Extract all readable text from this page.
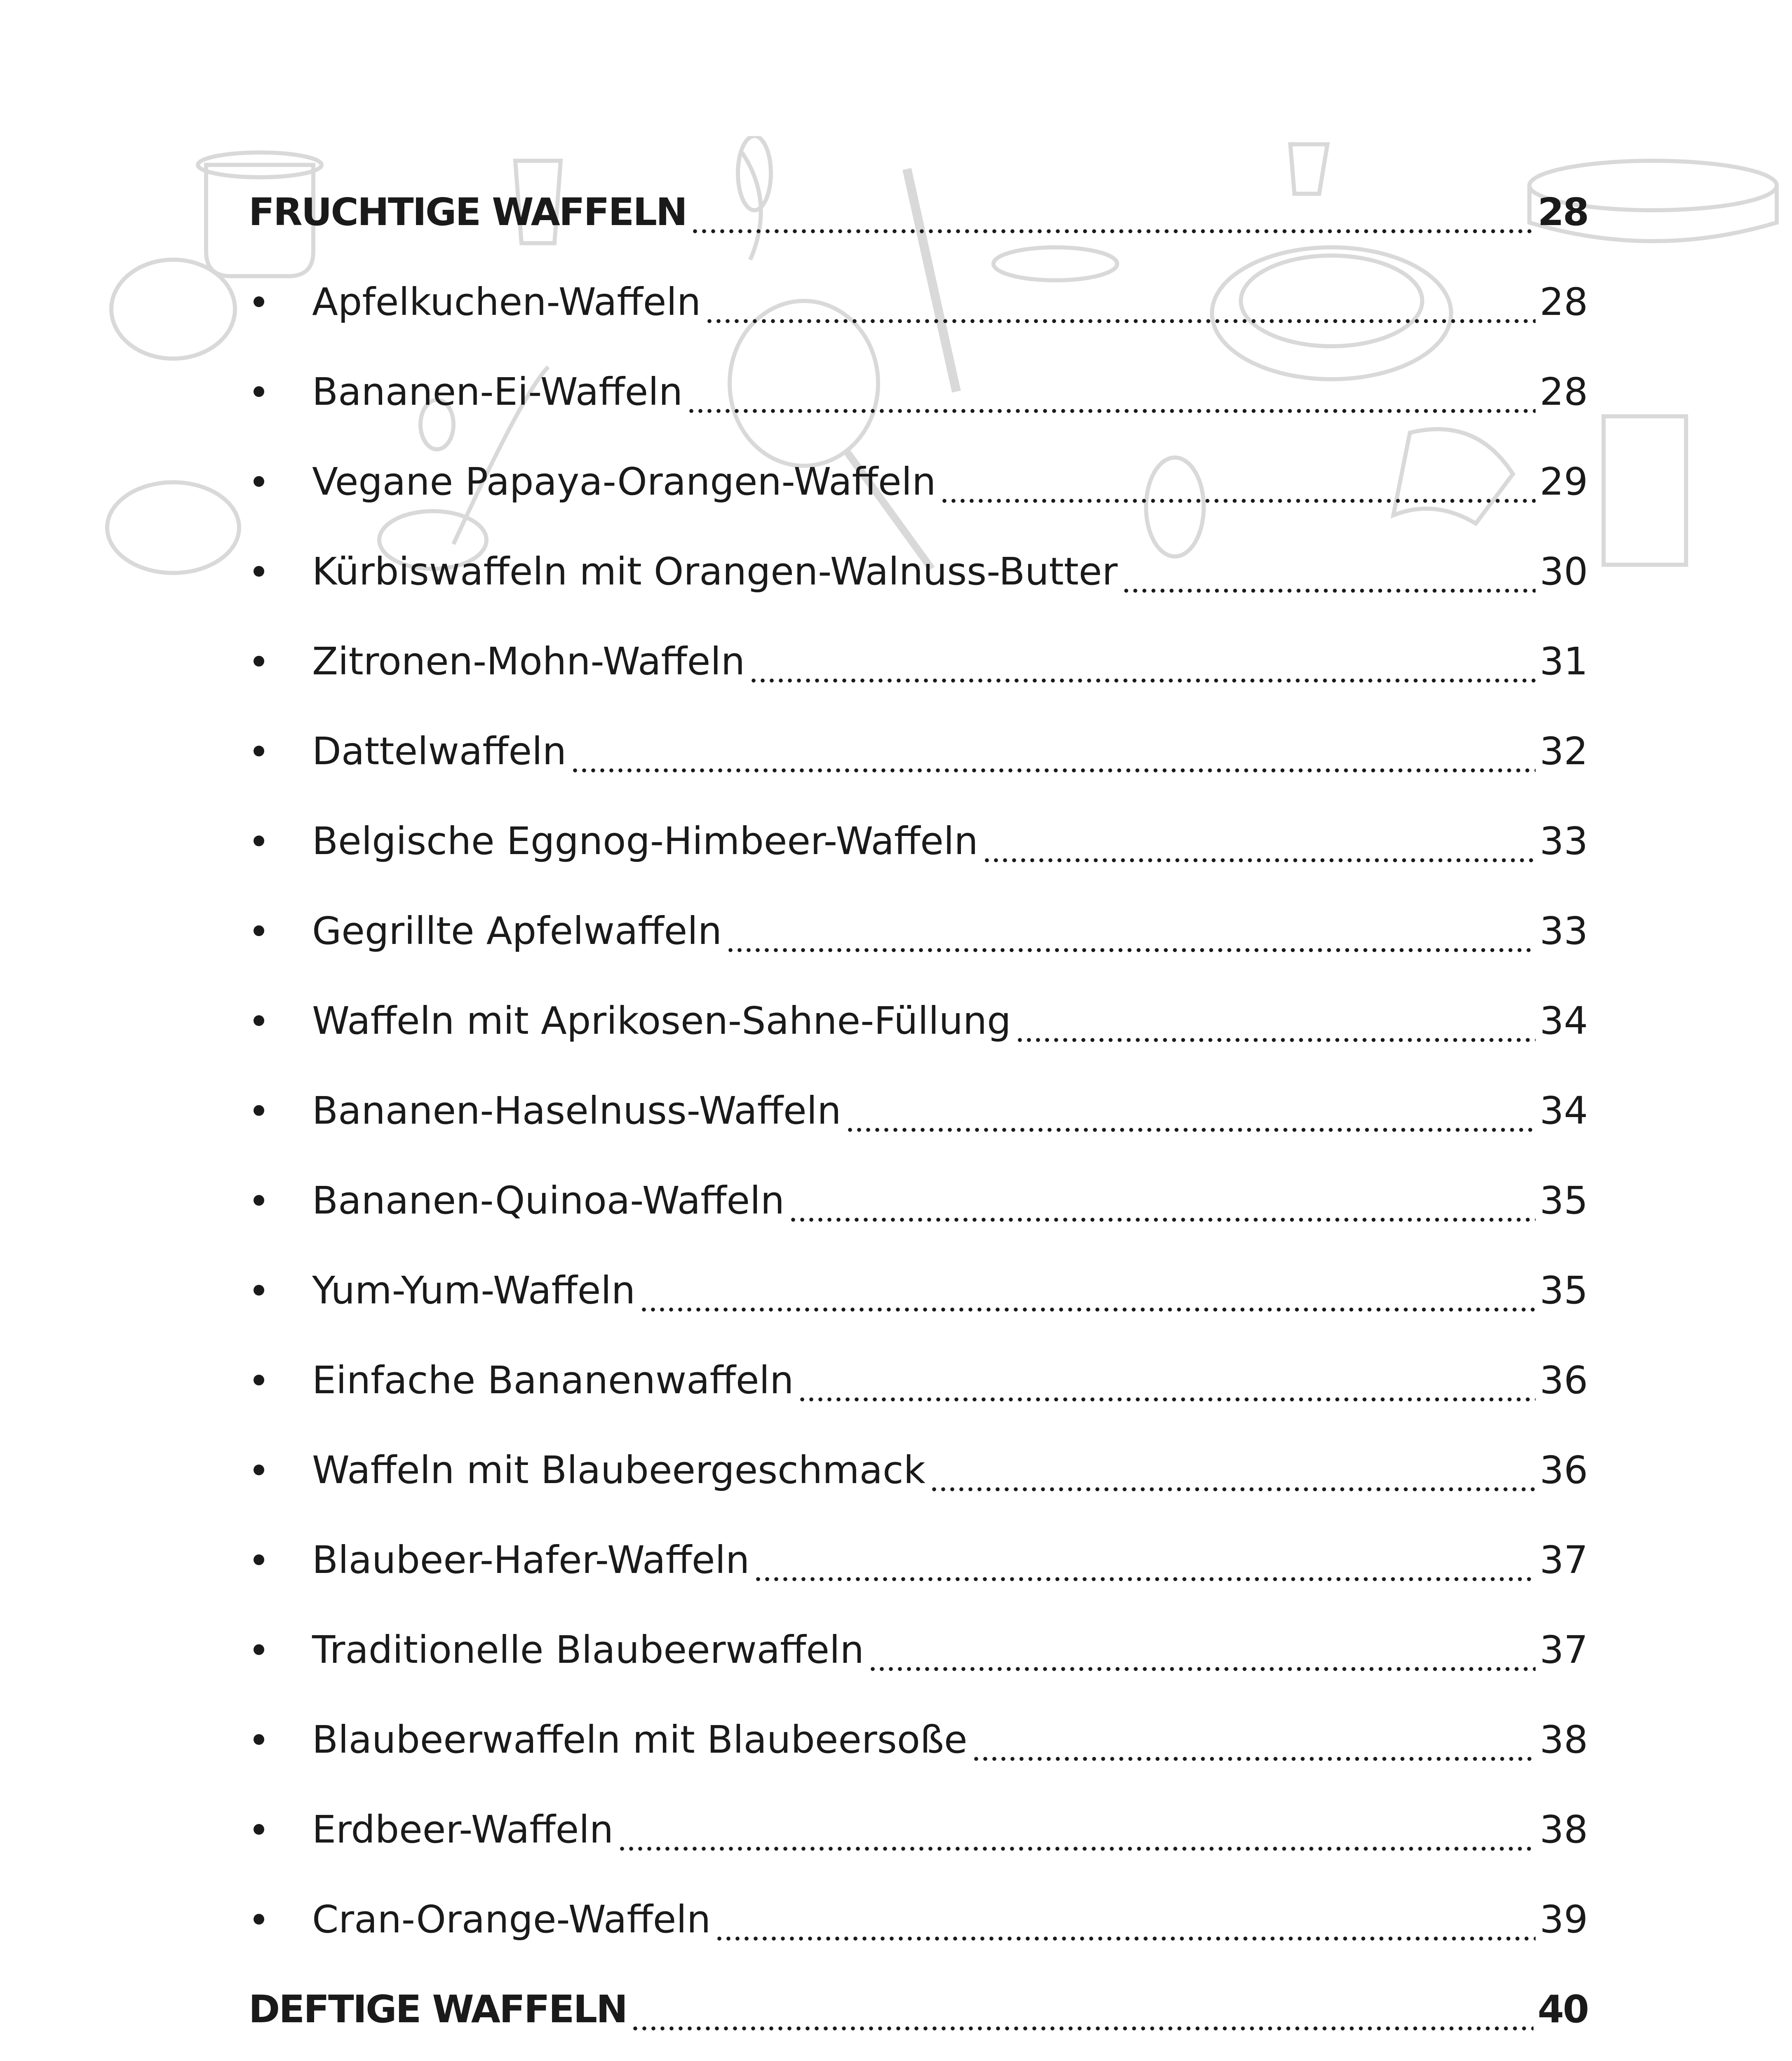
FRUCHTIGE WAFFELN	28
Apfelkuchen-Waffeln	28
Bananen-Ei-Waffeln	28
Vegane Papaya-Orangen-Waffeln	29
Kürbiswaffeln mit Orangen-Walnuss-Butter	30
Zitronen-Mohn-Waffeln	31
Dattelwaffeln	32
Belgische Eggnog-Himbeer-Waffeln	33
Gegrillte Apfelwaffeln	33
Waffeln mit Aprikosen-Sahne-Füllung	34
Bananen-Haselnuss-Waffeln	34
Bananen-Quinoa-Waffeln	35
Yum-Yum-Waffeln	35
Einfache Bananenwaffeln	36
Waffeln mit Blaubeergeschmack	36
Blaubeer-Hafer-Waffeln	37
Traditionelle Blaubeerwaffeln	37
Blaubeerwaffeln mit Blaubeersoße	38
Erdbeer-Waffeln	38
Cran-Orange-Waffeln	39
DEFTIGE WAFFELN	40
